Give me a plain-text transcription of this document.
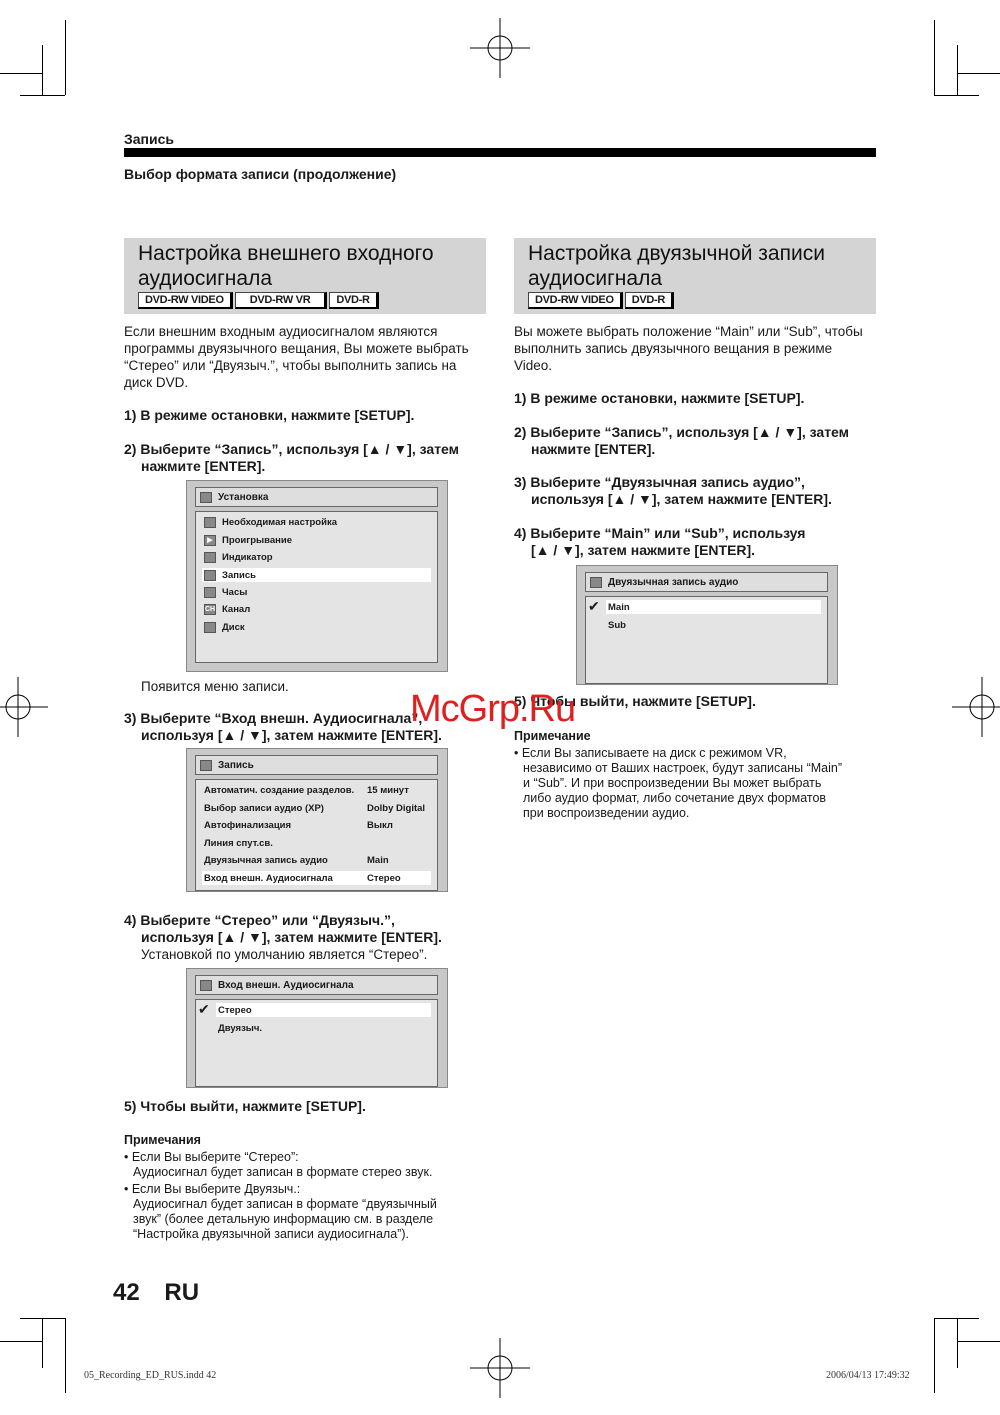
Запись
Выбор формата записи (продолжение)
Настройка внешнего входного
аудиосигнала
DVD-RW VIDEO	DVD-RW VR	DVD-R
Если внешним входным аудиосигналом являются программы двуязычного вещания, Вы можете выбрать “Стерео” или “Двуязыч.”, чтобы выполнить запись на диск DVD.
1) В режиме остановки, нажмите [SETUP].
2) Выберите “Запись”, используя [▲ / ▼], затем
нажмите [ENTER].
Установка
Необходимая настройка
▶ Проигрывание
Индикатор
Запись
Часы
CH Канал
Диск
Появится меню записи.
3) Выберите “Вход внешн. Аудиосигнала”,
используя [▲ / ▼], затем нажмите [ENTER].
Запись
Автоматич. создание разделов. 15 минут
Выбор записи аудио (XP)	Dolby Digital
Автофинализация	Выкл
Линия спут.св.
Двуязычная запись аудио	Main
Вход внешн. Аудиосигнала	Стерео
4) Выберите “Стерео” или “Двуязыч.”,
используя [▲ / ▼], затем нажмите [ENTER].
Установкой по умолчанию является “Стерео”.
Вход внешн. Аудиосигнала
✔ Стерео
Двуязыч.
5) Чтобы выйти, нажмите [SETUP].
Примечания
• Если Вы выберите “Стерео”:
Аудиосигнал будет записан в формате стерео звук.
• Если Вы выберите Двуязыч.:
Аудиосигнал будет записан в формате “двуязычный
звук” (более детальную информацию см. в разделе
“Настройка двуязычной записи аудиосигнала”).
Настройка двуязычной записи
аудиосигнала
DVD-RW VIDEO	DVD-R
Вы можете выбрать положение “Main” или “Sub”, чтобы выполнить запись двуязычного вещания в режиме Video.
1) В режиме остановки, нажмите [SETUP].
2) Выберите “Запись”, используя [▲ / ▼], затем
нажмите [ENTER].
3) Выберите “Двуязычная запись аудио”,
используя [▲ / ▼], затем нажмите [ENTER].
4) Выберите “Main” или “Sub”, используя
[▲ / ▼], затем нажмите [ENTER].
Двуязычная запись аудио
✔ Main
Sub
5) Чтобы выйти, нажмите [SETUP].
Примечание
• Если Вы записываете на диск с режимом VR,
независимо от Ваших настроек, будут записаны “Main”
и “Sub”. И при воспроизведении Вы может выбрать
либо аудио формат, либо сочетание двух форматов
при воспроизведении аудио.
McGrp.Ru
42 RU
05_Recording_ED_RUS.indd 42	2006/04/13 17:49:32
